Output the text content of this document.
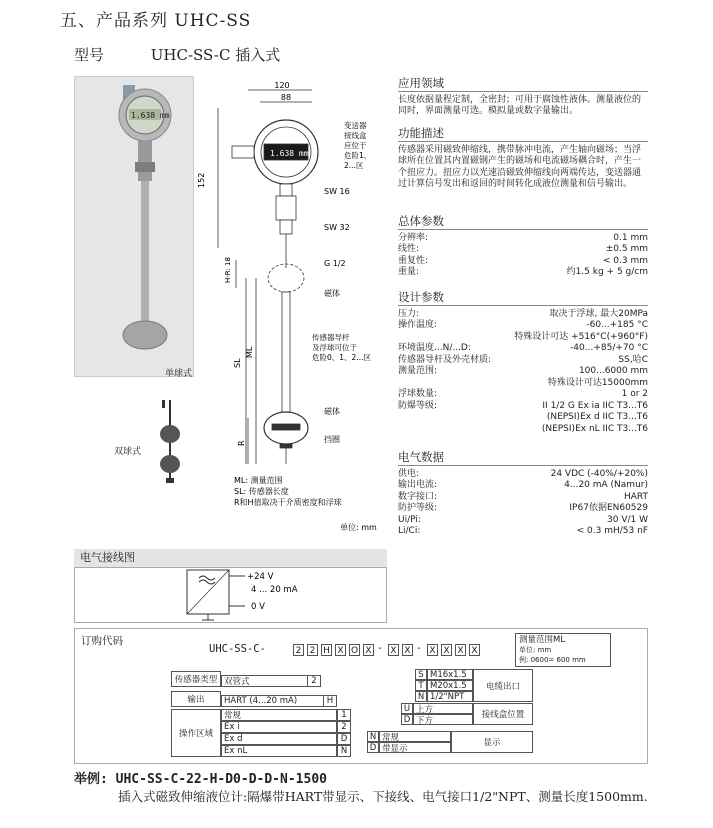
五、产品系列 UHC-SS
型号	UHC-SS-C 插入式
1.638 mm
单球式
双球式
120
88
1.638 mm
152
H-R: 18
SL
ML
R
SW 16
SW 32
G 1/2
磁体
磁体
挡圈
变送器
接线盒
应位于
危险1、
2...区
传感器导杆
及浮球可位于
危险0、1、2...区
ML: 测量范围
SL: 传感器长度
R和H值取决于介质密度和浮球
单位: mm
应用领域
长度依据量程定制，全密封；可用于腐蚀性液体。测量液位的同时，界面测量可选。模拟量或数字量输出。
功能描述
传感器采用磁致伸缩线，携带脉冲电流，产生轴向磁场；当浮球所在位置其内置磁钢产生的磁场和电流磁场耦合时，产生一个扭应力。扭应力以光速沿磁致伸缩线向两端传达，变送器通过计算信号发出和返回的时间转化成液位测量和信号输出。
总体参数
分辨率:	0.1 mm
线性:	±0.5 mm
重复性:	< 0.3 mm
重量:	约1.5 kg + 5 g/cm
设计参数
压力:	取决于浮球, 最大20MPa
操作温度:	-60...+185 °C
特殊设计可达 +516°C(+960°F)
环境温度...N/...D:	-40...+85/+70 °C
传感器导杆及外壳材质:	SS,哈C
测量范围:	100...6000 mm
特殊设计可达15000mm
浮球数量:	1 or 2
防爆等级:	II 1/2 G Ex ia IIC T3...T6
(NEPSI)Ex d IIC T3...T6
(NEPSI)Ex nL IIC T3...T6
电气数据
供电:	24 VDC (-40%/+20%)
输出电流:	4...20 mA (Namur)
数字接口:	HART
防护等级:	IP67依据EN60529
Ui/Pi:	30 V/1 W
Li/Ci:	< 0.3 mH/53 nF
电气接线图
+24 V
4 ... 20 mA
0 V
订购代码
UHC-SS-C-	2 2 H X O X - X X - X X X X
测量范围ML
单位: mm
例: 0600= 600 mm
传感器类型 双管式	2
输出	HART (4...20 mA)	H
操作区域
常规	1
Ex i	2
Ex d	D
Ex nL	N
S M16x1.5
T M20x1.5
N 1/2"NPT
电缆出口
U 上方
D 下方
接线盒位置
N 常规
D 带显示
显示
举例: UHC-SS-C-22-H-D0-D-D-N-1500
插入式磁致伸缩液位计:隔爆带HART带显示、下接线、电气接口1/2"NPT、测量长度1500mm.
